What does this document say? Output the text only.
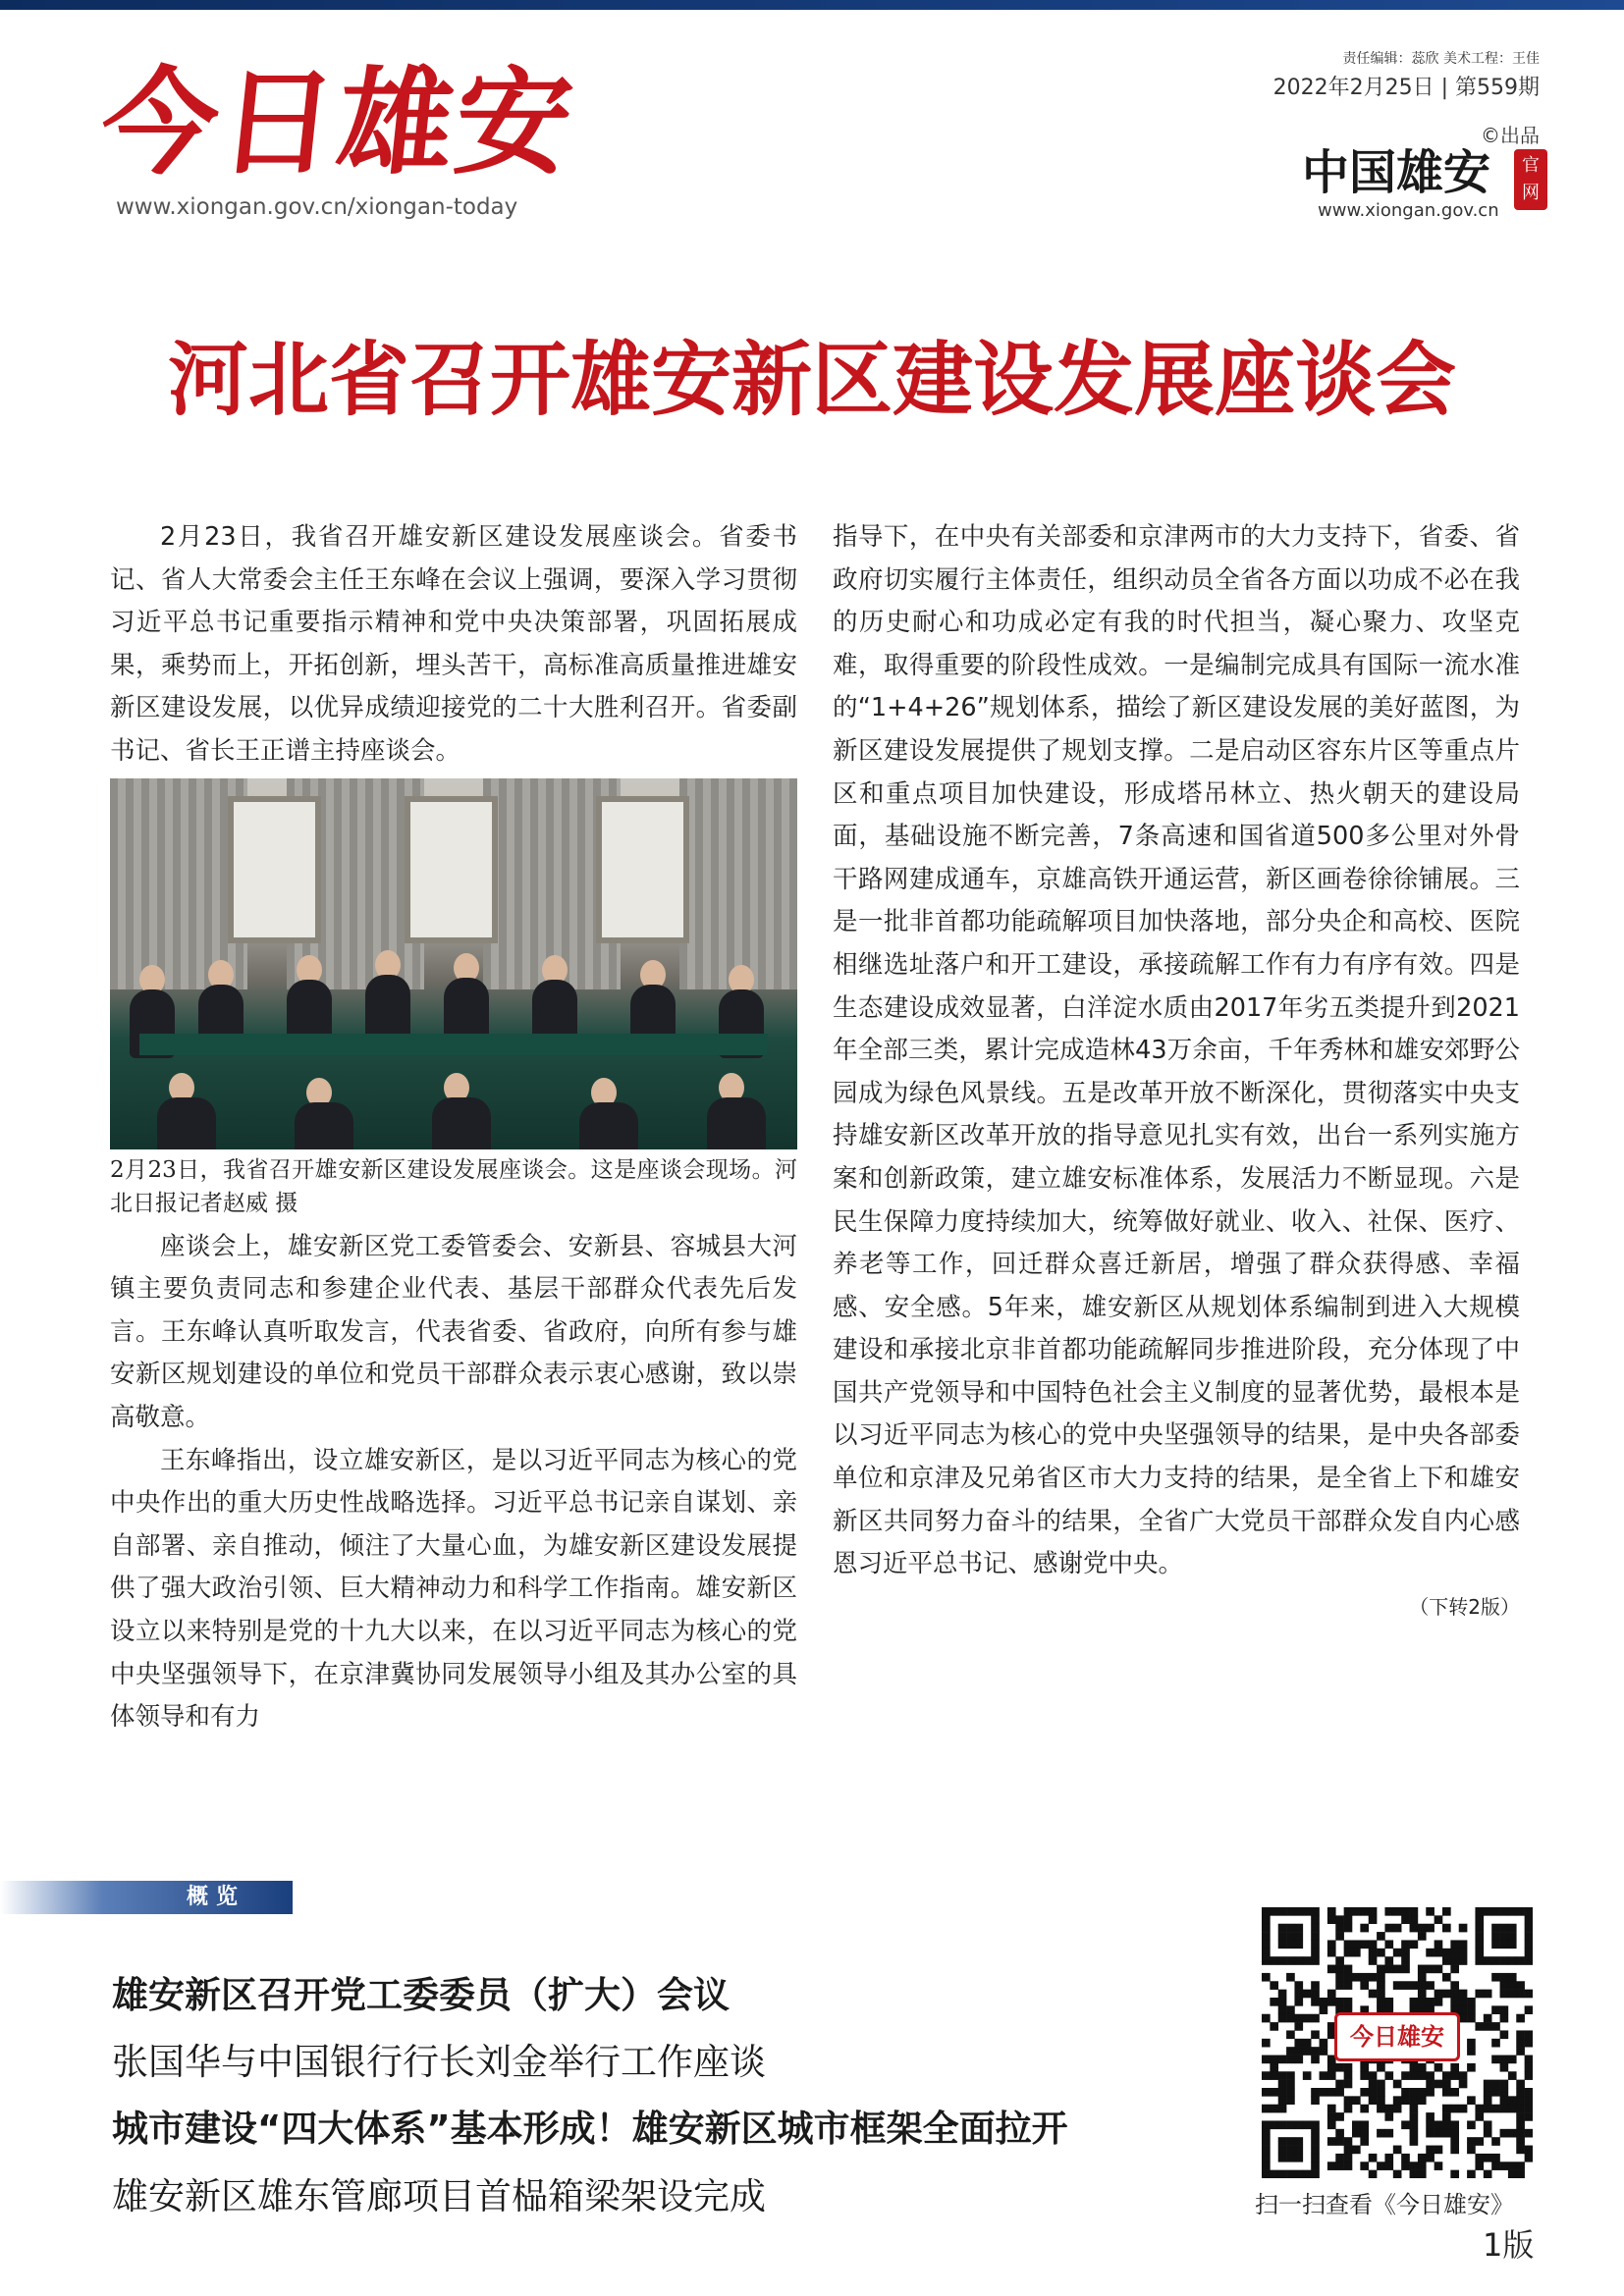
今日雄安
www.xiongan.gov.cn/xiongan-today
责任编辑：蕊欣 美术工程：王佳
2022年2月25日 | 第559期
©出品
中国雄安	官网
www.xiongan.gov.cn
河北省召开雄安新区建设发展座谈会

2月23日，我省召开雄安新区建设发展座谈会。省委书记、省人大常委会主任王东峰在会议上强调，要深入学习贯彻习近平总书记重要指示精神和党中央决策部署，巩固拓展成果，乘势而上，开拓创新，埋头苦干，高标准高质量推进雄安新区建设发展，以优异成绩迎接党的二十大胜利召开。省委副书记、省长王正谱主持座谈会。

2月23日，我省召开雄安新区建设发展座谈会。这是座谈会现场。河北日报记者赵威 摄

座谈会上，雄安新区党工委管委会、安新县、容城县大河镇主要负责同志和参建企业代表、基层干部群众代表先后发言。王东峰认真听取发言，代表省委、省政府，向所有参与雄安新区规划建设的单位和党员干部群众表示衷心感谢，致以崇高敬意。

王东峰指出，设立雄安新区，是以习近平同志为核心的党中央作出的重大历史性战略选择。习近平总书记亲自谋划、亲自部署、亲自推动，倾注了大量心血，为雄安新区建设发展提供了强大政治引领、巨大精神动力和科学工作指南。雄安新区设立以来特别是党的十九大以来，在以习近平同志为核心的党中央坚强领导下，在京津冀协同发展领导小组及其办公室的具体领导和有力

指导下，在中央有关部委和京津两市的大力支持下，省委、省政府切实履行主体责任，组织动员全省各方面以功成不必在我的历史耐心和功成必定有我的时代担当，凝心聚力、攻坚克难，取得重要的阶段性成效。一是编制完成具有国际一流水准的“1+4+26”规划体系，描绘了新区建设发展的美好蓝图，为新区建设发展提供了规划支撑。二是启动区容东片区等重点片区和重点项目加快建设，形成塔吊林立、热火朝天的建设局面，基础设施不断完善，7条高速和国省道500多公里对外骨干路网建成通车，京雄高铁开通运营，新区画卷徐徐铺展。三是一批非首都功能疏解项目加快落地，部分央企和高校、医院相继选址落户和开工建设，承接疏解工作有力有序有效。四是生态建设成效显著，白洋淀水质由2017年劣五类提升到2021年全部三类，累计完成造林43万余亩，千年秀林和雄安郊野公园成为绿色风景线。五是改革开放不断深化，贯彻落实中央支持雄安新区改革开放的指导意见扎实有效，出台一系列实施方案和创新政策，建立雄安标准体系，发展活力不断显现。六是民生保障力度持续加大，统筹做好就业、收入、社保、医疗、养老等工作，回迁群众喜迁新居，增强了群众获得感、幸福感、安全感。5年来，雄安新区从规划体系编制到进入大规模建设和承接北京非首都功能疏解同步推进阶段，充分体现了中国共产党领导和中国特色社会主义制度的显著优势，最根本是以习近平同志为核心的党中央坚强领导的结果，是中央各部委单位和京津及兄弟省区市大力支持的结果，是全省上下和雄安新区共同努力奋斗的结果，全省广大党员干部群众发自内心感恩习近平总书记、感谢党中央。

（下转2版）
概览
雄安新区召开党工委委员（扩大）会议
张国华与中国银行行长刘金举行工作座谈
城市建设“四大体系”基本形成！雄安新区城市框架全面拉开
雄安新区雄东管廊项目首榀箱梁架设完成
今日雄安
扫一扫查看《今日雄安》
1版
